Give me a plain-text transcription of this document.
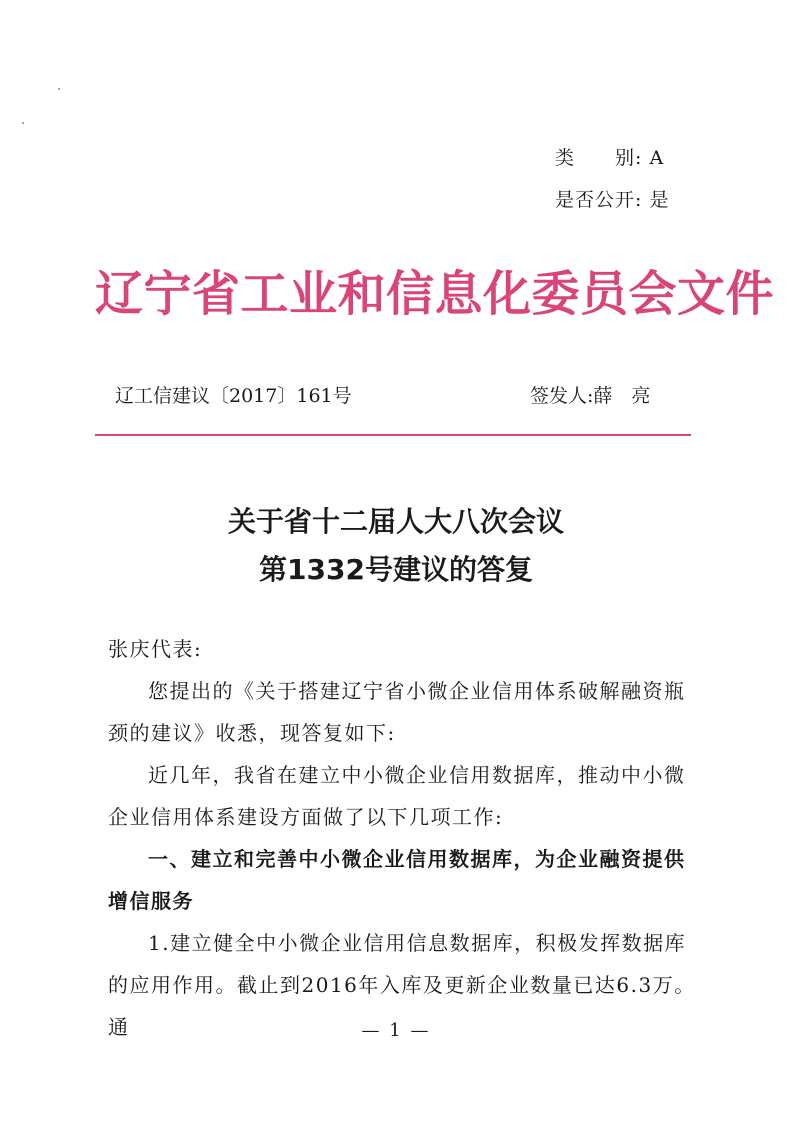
类　　别: A
是否公开: 是
辽宁省工业和信息化委员会文件
辽工信建议〔2017〕161号	签发人:薛　亮
关于省十二届人大八次会议
第1332号建议的答复
张庆代表:
您提出的《关于搭建辽宁省小微企业信用体系破解融资瓶颈的建议》收悉，现答复如下:
近几年，我省在建立中小微企业信用数据库，推动中小微企业信用体系建设方面做了以下几项工作:
一、建立和完善中小微企业信用数据库，为企业融资提供增信服务
1.建立健全中小微企业信用信息数据库，积极发挥数据库的应用作用。截止到2016年入库及更新企业数量已达6.3万。通	— 1 —
